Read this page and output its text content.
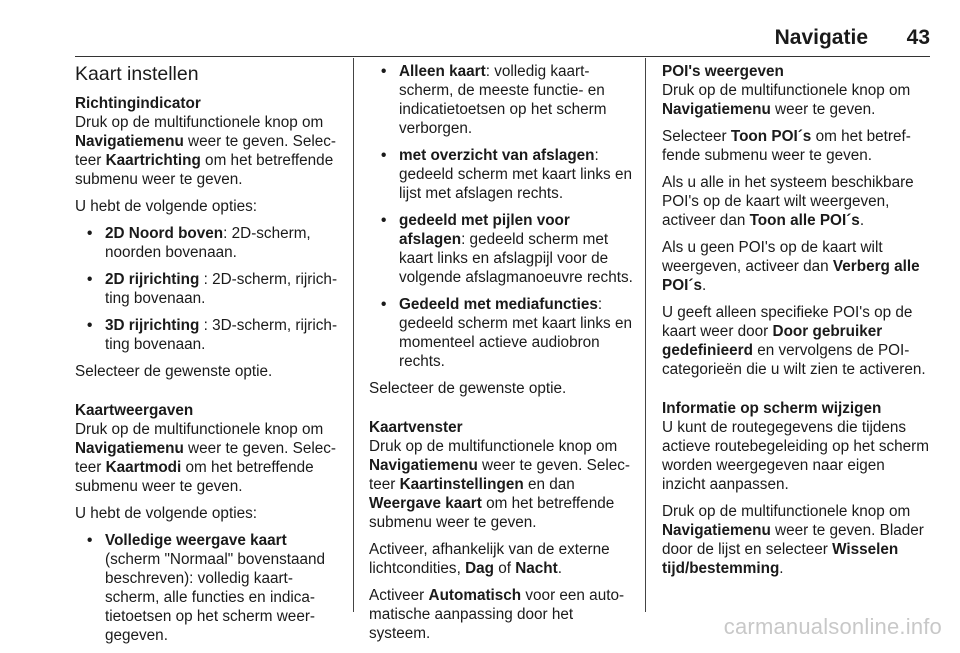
Navigatie 43
Kaart instellen
Richtingindicator

Druk op de multifunctionele knop om Navigatiemenu weer te geven. Selecteer Kaartrichting om het betreffende submenu weer te geven.

U hebt de volgende opties:

• 2D Noord boven: 2D-scherm, noorden bovenaan.
• 2D rijrichting : 2D-scherm, rijrichting bovenaan.
• 3D rijrichting : 3D-scherm, rijrichting bovenaan.

Selecteer de gewenste optie.

Kaartweergaven

Druk op de multifunctionele knop om Navigatiemenu weer te geven. Selecteer Kaartmodi om het betreffende submenu weer te geven.

U hebt de volgende opties:

• Volledige weergave kaart (scherm "Normaal" bovenstaand beschreven): volledig kaartscherm, alle functies en indicatietoetsen op het scherm weergegeven.
• Alleen kaart: volledig kaartscherm, de meeste functie- en indicatietoetsen op het scherm verborgen.
• met overzicht van afslagen: gedeeld scherm met kaart links en lijst met afslagen rechts.
• gedeeld met pijlen voor afslagen: gedeeld scherm met kaart links en afslagpijl voor de volgende afslagmanoeuvre rechts.
• Gedeeld met mediafuncties: gedeeld scherm met kaart links en momenteel actieve audiobron rechts.

Selecteer de gewenste optie.

Kaartvenster

Druk op de multifunctionele knop om Navigatiemenu weer te geven. Selecteer Kaartinstellingen en dan Weergave kaart om het betreffende submenu weer te geven.

Activeer, afhankelijk van de externe lichtcondities, Dag of Nacht.

Activeer Automatisch voor een automatische aanpassing door het systeem.

POI's weergeven

Druk op de multifunctionele knop om Navigatiemenu weer te geven.

Selecteer Toon POI´s om het betreffende submenu weer te geven.

Als u alle in het systeem beschikbare POI's op de kaart wilt weergeven, activeer dan Toon alle POI´s.

Als u geen POI's op de kaart wilt weergeven, activeer dan Verberg alle POI´s.

U geeft alleen specifieke POI's op de kaart weer door Door gebruiker gedefinieerd en vervolgens de POI-categorieën die u wilt zien te activeren.

Informatie op scherm wijzigen

U kunt de routegegevens die tijdens actieve routebegeleiding op het scherm worden weergegeven naar eigen inzicht aanpassen.

Druk op de multifunctionele knop om Navigatiemenu weer te geven. Blader door de lijst en selecteer Wisselen tijd/bestemming.

carmanualsonline.info
